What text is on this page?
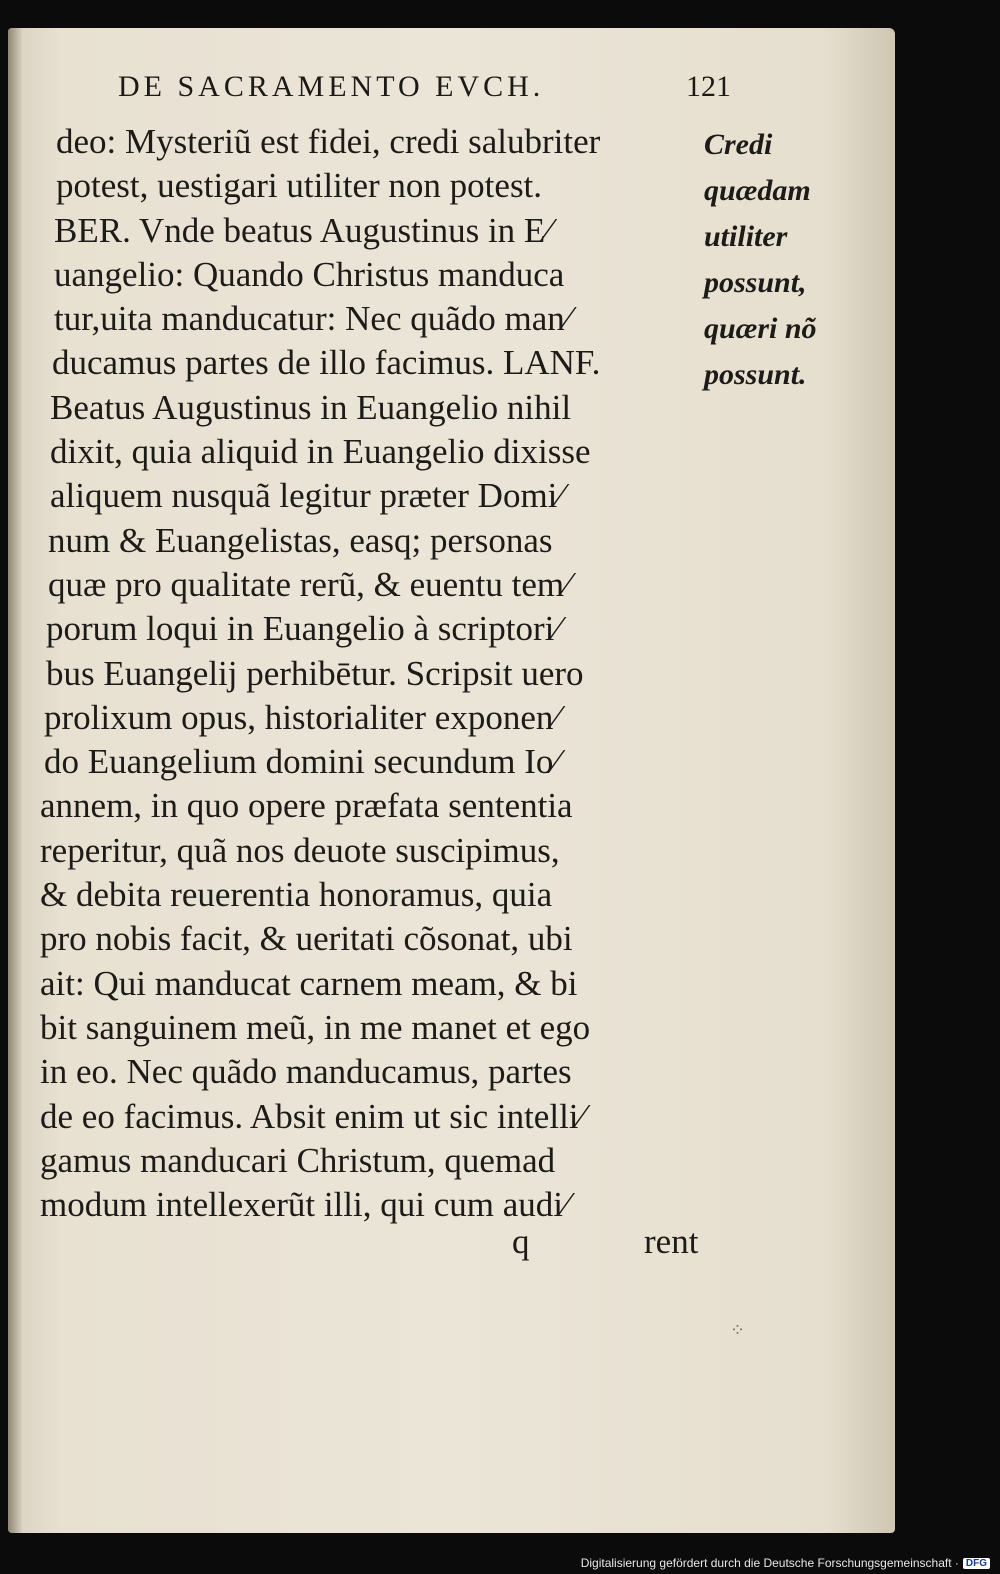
DE SACRAMENTO EVCH.	121
deo: Mysteriũ est fidei, credi salubriter
potest, uestigari utiliter non potest.
BER. Vnde beatus Augustinus in E⁄
uangelio: Quando Christus manduca
tur,uita manducatur: Nec quãdo man⁄
ducamus partes de illo facimus. LANF.
Beatus Augustinus in Euangelio nihil
dixit, quia aliquid in Euangelio dixisse
aliquem nusquã legitur præter Domi⁄
num & Euangelistas, easq; personas
quæ pro qualitate rerũ, & euentu tem⁄
porum loqui in Euangelio à scriptori⁄
bus Euangelij perhibētur. Scripsit uero
prolixum opus, historialiter exponen⁄
do Euangelium domini secundum Io⁄
annem, in quo opere præfata sententia
reperitur, quã nos deuote suscipimus,
& debita reuerentia honoramus, quia
pro nobis facit, & ueritati cõsonat, ubi
ait: Qui manducat carnem meam, & bi
bit sanguinem meũ, in me manet et ego
in eo. Nec quãdo manducamus, partes
de eo facimus. Absit enim ut sic intelli⁄
gamus manducari Christum, quemad
modum intellexerũt illi, qui cum audi⁄
Credi
quædam
utiliter
possunt,
quæri nõ
possunt.
q	rent
⁘
Digitalisierung gefördert durch die Deutsche Forschungsgemeinschaft · DFG
